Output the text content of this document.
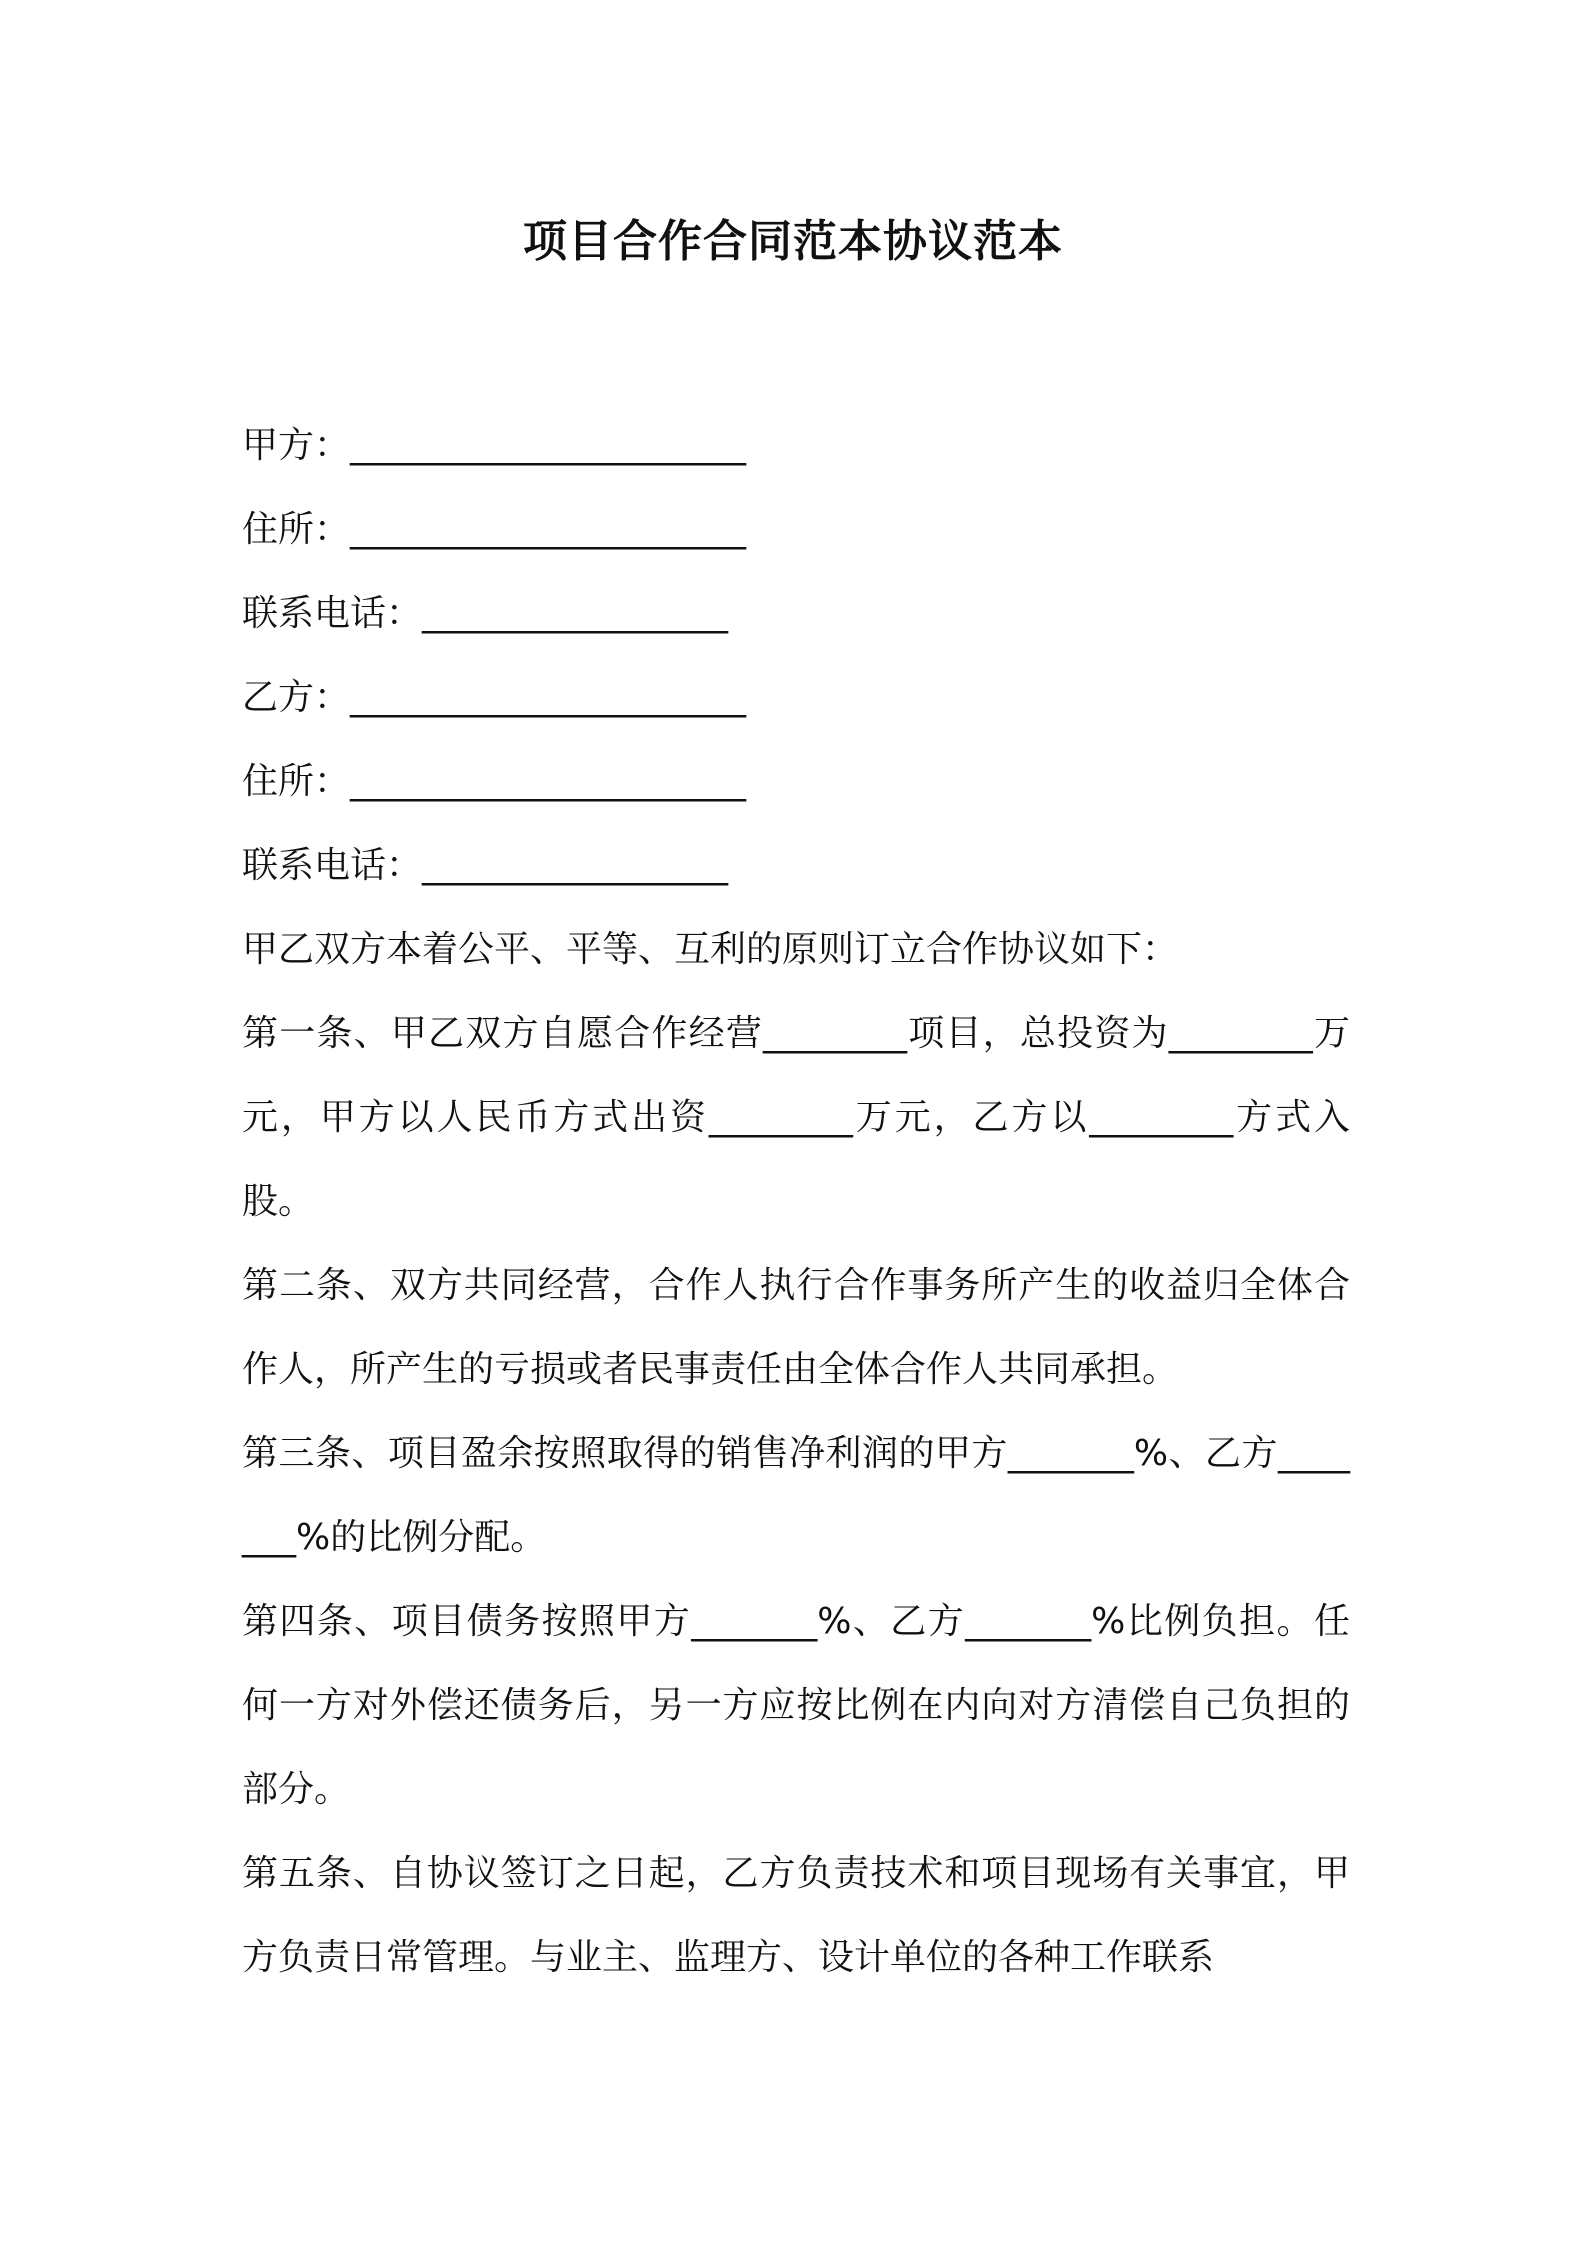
项目合作合同范本协议范本
甲方：______________________
住所：______________________
联系电话：_________________
乙方：______________________
住所：______________________
联系电话：_________________

甲乙双方本着公平、平等、互利的原则订立合作协议如下：

第一条、甲乙双方自愿合作经营________项目，总投资为________万元，甲方以人民币方式出资________万元，乙方以________方式入股。

第二条、双方共同经营，合作人执行合作事务所产生的收益归全体合作人，所产生的亏损或者民事责任由全体合作人共同承担。

第三条、项目盈余按照取得的销售净利润的甲方_______%、乙方_______%的比例分配。

第四条、项目债务按照甲方_______%、乙方_______%比例负担。任何一方对外偿还债务后，另一方应按比例在内向对方清偿自己负担的部分。

第五条、自协议签订之日起，乙方负责技术和项目现场有关事宜，甲方负责日常管理。与业主、监理方、设计单位的各种工作联系
